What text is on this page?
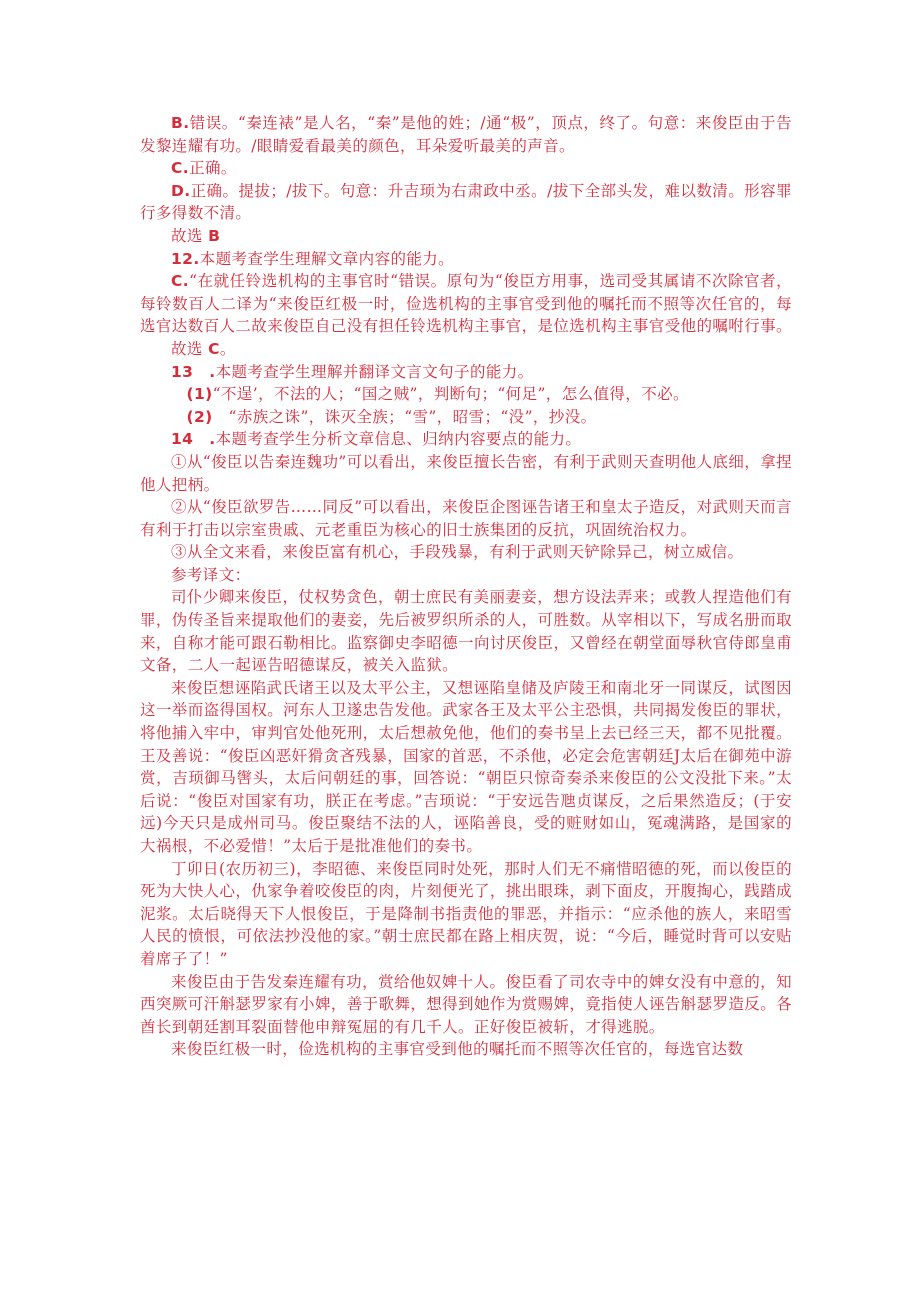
B.错误。“秦连裱”是人名，“秦”是他的姓；/通“极”，顶点，终了。句意：来俊臣由于告发黎连耀有功。/眼睛爱看最美的颜色，耳朵爱听最美的声音。

C.正确。

D.正确。提拔；/拔下。句意：升吉顼为右肃政中丞。/拔下全部头发，难以数清。形容罪行多得数不清。

故选 B

12.本题考查学生理解文章内容的能力。

C.“在就任铃选机构的主事官时“错误。原句为“俊臣方用事，选司受其属请不次除官者，每铃数百人二译为“来俊臣红极一时，俭选机构的主事官受到他的嘱托而不照等次任官的，每选官达数百人二故来俊臣自己没有担任铃选机构主事官，是位选机构主事官受他的嘱咐行事。

故选 C。

13　.本题考查学生理解并翻译文言文句子的能力。

(1)“不逞’，不法的人；“国之贼”，判断句；“何足”，怎么值得，不必。

(2)　“赤族之诛”，诛灭全族；“雪”，昭雪；“没”，抄没。

14　.本题考查学生分析文章信息、归纳内容要点的能力。

①从“俊臣以告秦连魏功”可以看出，来俊臣擅长告密，有利于武则天查明他人底细，拿捏他人把柄。

②从“俊臣欲罗告……同反”可以看出，来俊臣企图诬告诸王和皇太子造反，对武则天而言有利于打击以宗室贵戚、元老重臣为核心的旧士族集团的反抗，巩固统治权力。

③从全文来看，来俊臣富有机心，手段残暴，有利于武则天铲除异己，树立威信。

参考译文：

司仆少卿来俊臣，仗权势贪色，朝士庶民有美丽妻妾，想方设法弄来；或教人捏造他们有罪，伪传圣旨来提取他们的妻妾，先后被罗织所杀的人，可胜数。从宰相以下，写成名册而取来，自称才能可跟石勒相比。监察御史李昭德一向讨厌俊臣，又曾经在朝堂面辱秋官侍郎皇甫文备，二人一起诬告昭德谋反，被关入监狱。

来俊臣想诬陷武氏诸王以及太平公主，又想诬陷皇储及庐陵王和南北牙一同谋反，试图因这一举而盗得国权。河东人卫遂忠告发他。武家各王及太平公主恐惧，共同揭发俊臣的罪状，将他捕入牢中，审判官处他死刑，太后想赦免他，他们的奏书呈上去已经三天，都不见批覆。王及善说：“俊臣凶恶奸猾贪吝残暴，国家的首恶，不杀他，必定会危害朝廷J太后在御苑中游赏，吉顼御马辔头，太后问朝廷的事，回答说：“朝臣只惊奇奏杀来俊臣的公文没批下来。”太后说：“俊臣对国家有功，朕正在考虑。”吉顼说：“于安远告虺贞谋反，之后果然造反；(于安远)今天只是成州司马。俊臣聚结不法的人，诬陷善良，受的赃财如山，冤魂满路，是国家的大祸根，不必爱惜！”太后于是批准他们的奏书。

丁卯日(农历初三)，李昭德、来俊臣同时处死，那时人们无不痛惜昭德的死，而以俊臣的死为大快人心，仇家争着咬俊臣的肉，片刻便光了，挑出眼珠，剥下面皮，开腹掏心，践踏成泥浆。太后晓得天下人恨俊臣，于是降制书指责他的罪恶，并指示：“应杀他的族人，来昭雪人民的愤恨，可依法抄没他的家。”朝士庶民都在路上相庆贺，说：“今后，睡觉时背可以安贴着席子了！”

来俊臣由于告发秦连耀有功，赏给他奴婢十人。俊臣看了司农寺中的婢女没有中意的，知西突厥可汗斛瑟罗家有小婢，善于歌舞，想得到她作为赏赐婢，竟指使人诬告斛瑟罗造反。各酋长到朝廷割耳裂面替他申辩冤屈的有几千人。正好俊臣被斩，才得逃脱。

来俊臣红极一时，俭选机构的主事官受到他的嘱托而不照等次任官的，每选官达数
